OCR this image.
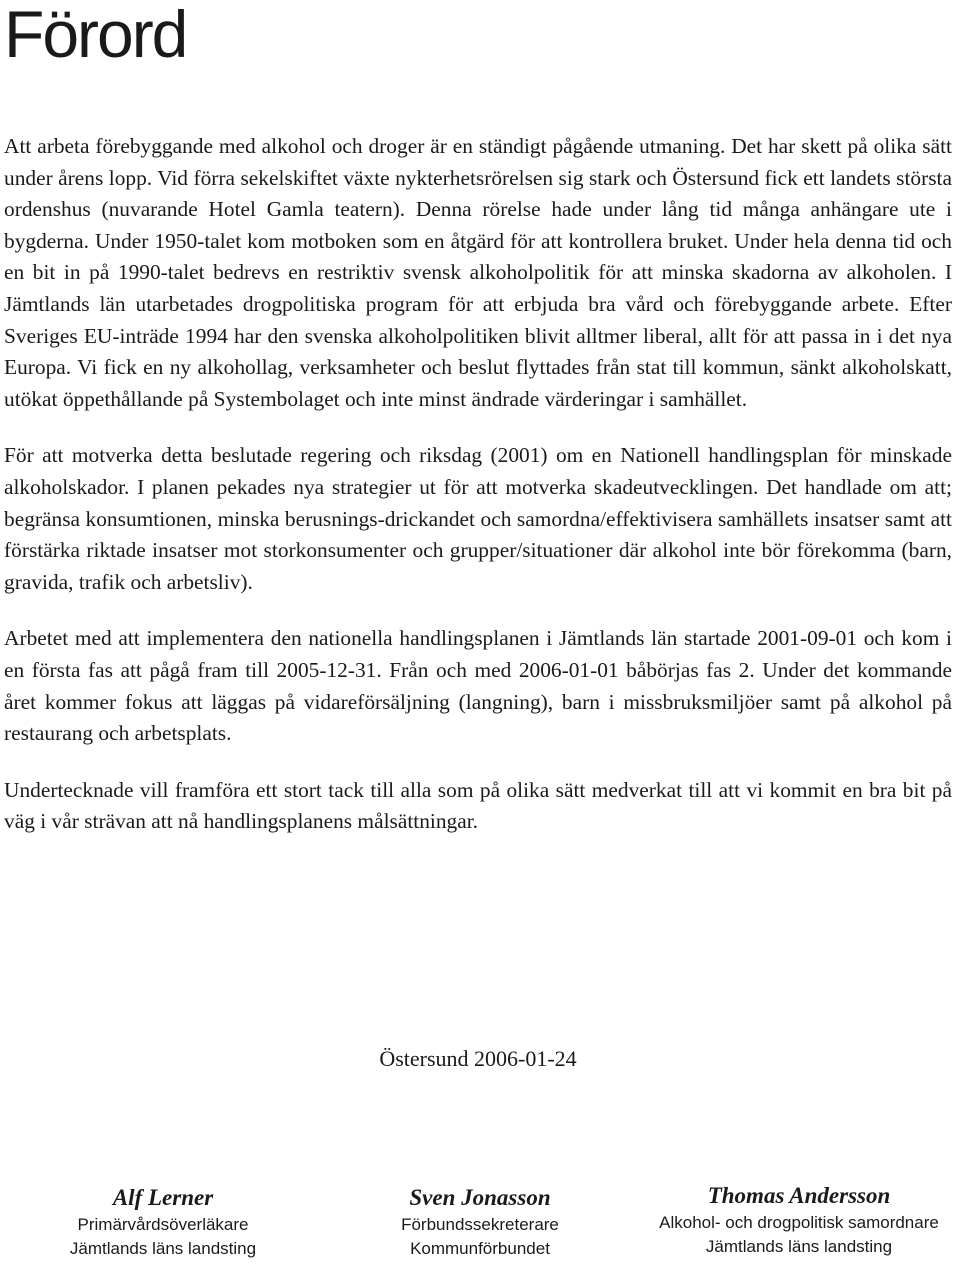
Förord

Att arbeta förebyggande med alkohol och droger är en ständigt pågående utmaning. Det har skett på olika sätt under årens lopp. Vid förra sekelskiftet växte nykterhetsrörelsen sig stark och Östersund fick ett landets största ordenshus (nuvarande Hotel Gamla teatern). Denna rörelse hade under lång tid många anhängare ute i bygderna. Under 1950-talet kom motboken som en åtgärd för att kontrollera bruket. Under hela denna tid och en bit in på 1990-talet bedrevs en restriktiv svensk alkoholpolitik för att minska skadorna av alkoholen. I Jämtlands län utarbetades drogpolitiska program för att erbjuda bra vård och förebyggande arbete. Efter Sveriges EU-inträde 1994 har den svenska alkoholpolitiken blivit alltmer liberal, allt för att passa in i det nya Europa. Vi fick en ny alkohollag, verksamheter och beslut flyttades från stat till kommun, sänkt alkoholskatt, utökat öppethållande på Systembolaget och inte minst ändrade värderingar i samhället.

För att motverka detta beslutade regering och riksdag (2001) om en Nationell handlingsplan för minskade alkoholskador. I planen pekades nya strategier ut för att motverka skadeutvecklingen. Det handlade om att; begränsa konsumtionen, minska berusnings-drickandet och samordna/effektivisera samhällets insatser samt att förstärka riktade insatser mot storkonsumenter och grupper/situationer där alkohol inte bör förekomma (barn, gravida, trafik och arbetsliv).

Arbetet med att implementera den nationella handlingsplanen i Jämtlands län startade 2001-09-01 och kom i en första fas att pågå fram till 2005-12-31. Från och med 2006-01-01 båbörjas fas 2. Under det kommande året kommer fokus att läggas på vidareförsäljning (langning), barn i missbruksmiljöer samt på alkohol på restaurang och arbetsplats.

Undertecknade vill framföra ett stort tack till alla som på olika sätt medverkat till att vi kommit en bra bit på väg i vår strävan att nå handlingsplanens målsättningar.

Östersund 2006-01-24
Alf Lerner
Primärvårdsöverläkare
Jämtlands läns landsting
Sven Jonasson
Förbundssekreterare
Kommunförbundet
Thomas Andersson
Alkohol- och drogpolitisk samordnare
Jämtlands läns landsting
